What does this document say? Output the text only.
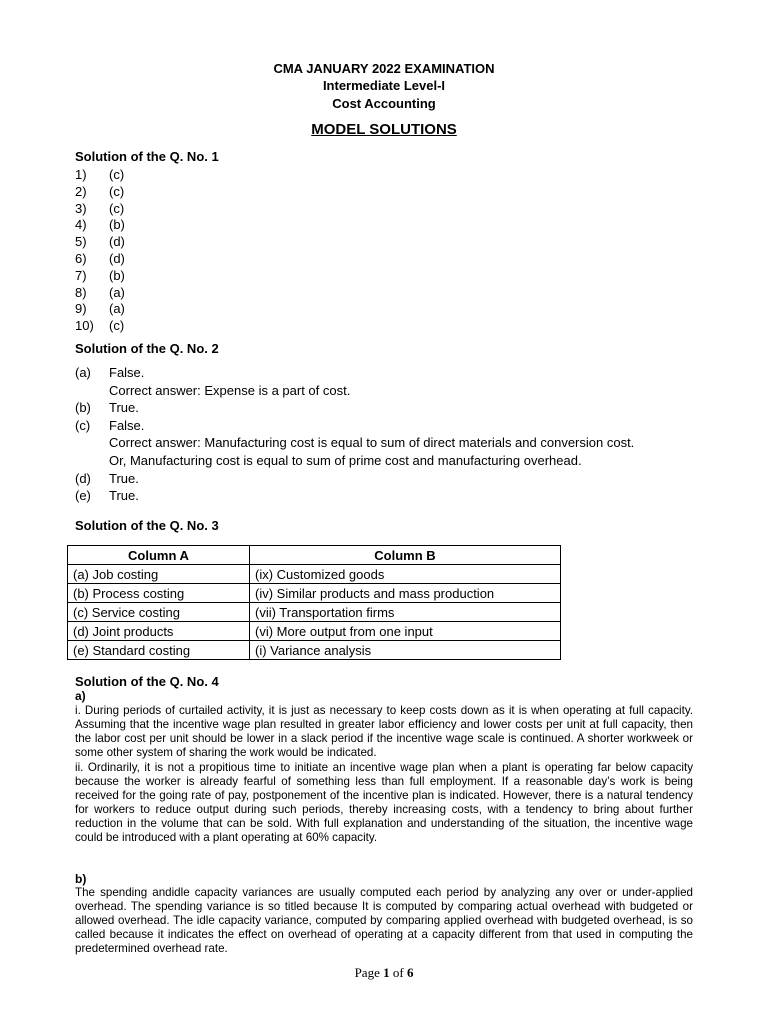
CMA JANUARY 2022 EXAMINATION
Intermediate Level-I
Cost Accounting
MODEL SOLUTIONS
Solution of the Q. No. 1
1) (c)
2) (c)
3) (c)
4) (b)
5) (d)
6) (d)
7) (b)
8) (a)
9) (a)
10) (c)
Solution of the Q. No. 2
(a) False.
Correct answer: Expense is a part of cost.
(b) True.
(c) False.
Correct answer: Manufacturing cost is equal to sum of direct materials and conversion cost.
Or, Manufacturing cost is equal to sum of prime cost and manufacturing overhead.
(d) True.
(e) True.
Solution of the Q. No. 3
Column A	Column B
(a) Job costing	(ix) Customized goods
(b) Process costing	(iv) Similar products and mass production
(c) Service costing	(vii) Transportation firms
(d) Joint products	(vi) More output from one input
(e) Standard costing	(i) Variance analysis
Solution of the Q. No. 4
a)
i. During periods of curtailed activity, it is just as necessary to keep costs down as it is when operating at full capacity. Assuming that the incentive wage plan resulted in greater labor efficiency and lower costs per unit at full capacity, then the labor cost per unit should be lower in a slack period if the incentive wage scale is continued. A shorter workweek or some other system of sharing the work would be indicated.
ii. Ordinarily, it is not a propitious time to initiate an incentive wage plan when a plant is operating far below capacity because the worker is already fearful of something less than full employment. If a reasonable day’s work is being received for the going rate of pay, postponement of the incentive plan is indicated. However, there is a natural tendency for workers to reduce output during such periods, thereby increasing costs, with a tendency to bring about further reduction in the volume that can be sold. With full explanation and understanding of the situation, the incentive wage could be introduced with a plant operating at 60% capacity.
b)
The spending andidle capacity variances are usually computed each period by analyzing any over or under-applied overhead. The spending variance is so titled because It is computed by comparing actual overhead with budgeted or allowed overhead. The idle capacity variance, computed by comparing applied overhead with budgeted overhead, is so called because it indicates the effect on overhead of operating at a capacity different from that used in computing the predetermined overhead rate.
Page 1 of 6
